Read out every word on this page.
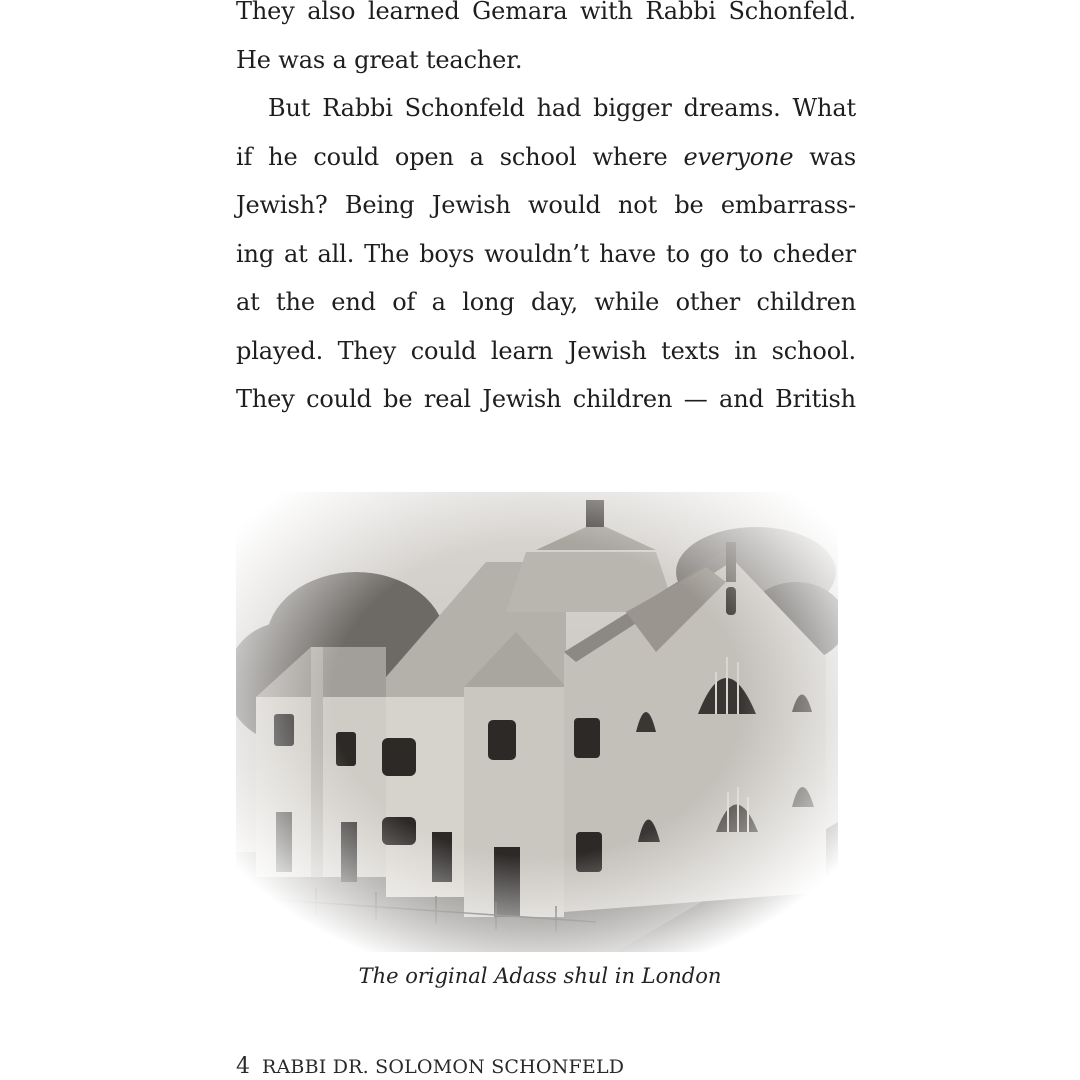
They also learned Gemara with Rabbi Schonfeld.
He was a great teacher.
But Rabbi Schonfeld had bigger dreams. What
if he could open a school where everyone was
Jewish? Being Jewish would not be embarrass-
ing at all. The boys wouldn’t have to go to cheder
at the end of a long day, while other children
played. They could learn Jewish texts in school.
They could be real Jewish children — and British
The original Adass shul in London
4 RABBI DR. SOLOMON SCHONFELD
